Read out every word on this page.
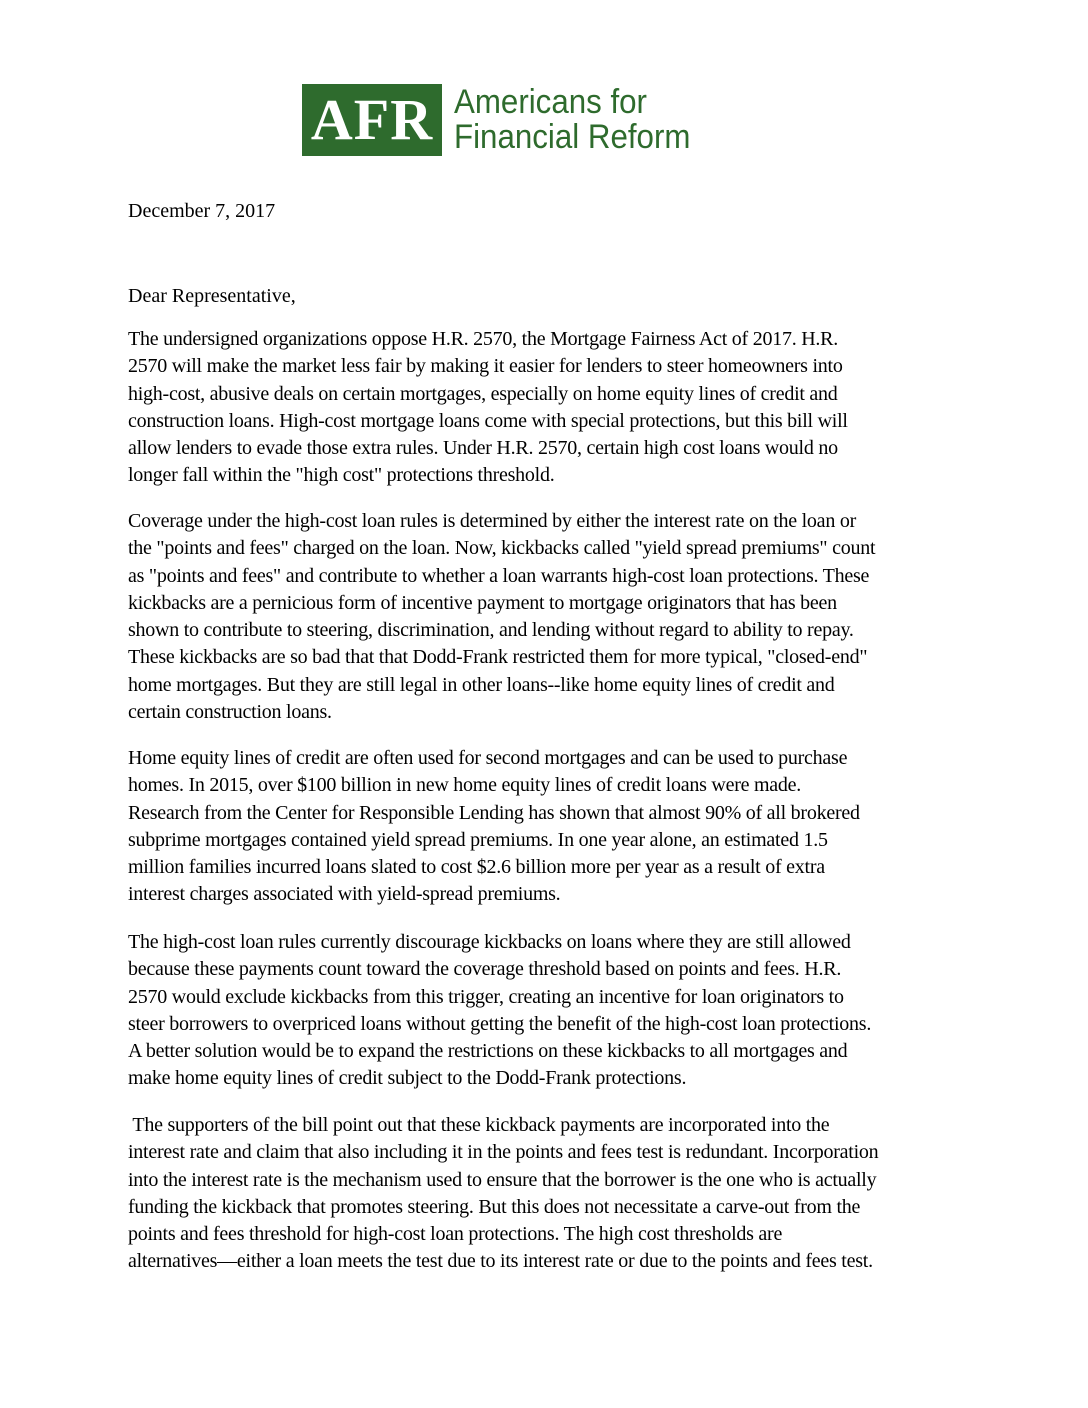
AFR Americans for
Financial Reform
December 7, 2017
Dear Representative,
The undersigned organizations oppose H.R. 2570, the Mortgage Fairness Act of 2017. H.R.
2570 will make the market less fair by making it easier for lenders to steer homeowners into
high-cost, abusive deals on certain mortgages, especially on home equity lines of credit and
construction loans. High-cost mortgage loans come with special protections, but this bill will
allow lenders to evade those extra rules. Under H.R. 2570, certain high cost loans would no
longer fall within the "high cost" protections threshold.
Coverage under the high-cost loan rules is determined by either the interest rate on the loan or
the "points and fees" charged on the loan. Now, kickbacks called "yield spread premiums" count
as "points and fees" and contribute to whether a loan warrants high-cost loan protections. These
kickbacks are a pernicious form of incentive payment to mortgage originators that has been
shown to contribute to steering, discrimination, and lending without regard to ability to repay.
These kickbacks are so bad that that Dodd-Frank restricted them for more typical, "closed-end"
home mortgages. But they are still legal in other loans--like home equity lines of credit and
certain construction loans.
Home equity lines of credit are often used for second mortgages and can be used to purchase
homes. In 2015, over $100 billion in new home equity lines of credit loans were made.
Research from the Center for Responsible Lending has shown that almost 90% of all brokered
subprime mortgages contained yield spread premiums. In one year alone, an estimated 1.5
million families incurred loans slated to cost $2.6 billion more per year as a result of extra
interest charges associated with yield-spread premiums.
The high-cost loan rules currently discourage kickbacks on loans where they are still allowed
because these payments count toward the coverage threshold based on points and fees. H.R.
2570 would exclude kickbacks from this trigger, creating an incentive for loan originators to
steer borrowers to overpriced loans without getting the benefit of the high-cost loan protections.
A better solution would be to expand the restrictions on these kickbacks to all mortgages and
make home equity lines of credit subject to the Dodd-Frank protections.
The supporters of the bill point out that these kickback payments are incorporated into the
interest rate and claim that also including it in the points and fees test is redundant. Incorporation
into the interest rate is the mechanism used to ensure that the borrower is the one who is actually
funding the kickback that promotes steering. But this does not necessitate a carve-out from the
points and fees threshold for high-cost loan protections. The high cost thresholds are
alternatives—either a loan meets the test due to its interest rate or due to the points and fees test.
